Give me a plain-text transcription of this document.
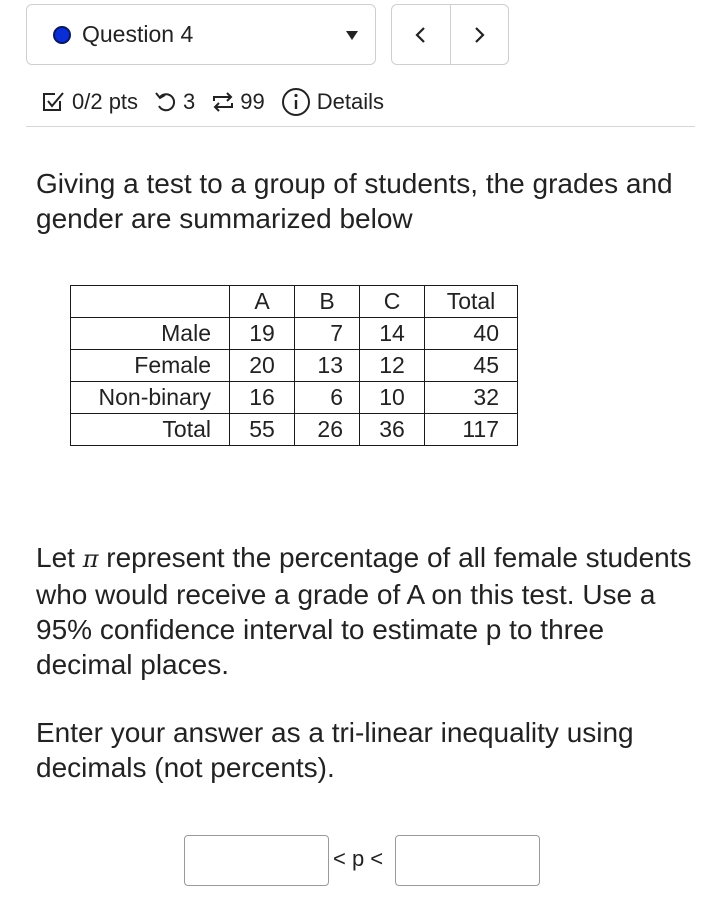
Question 4
0/2 pts 3 99 Details

Giving a test to a group of students, the grades and gender are summarized below

	A	B	C	Total
Male	19	7	14	40
Female	20	13	12	45
Non-binary	16	6	10	32
Total	55	26	36	117

Let π represent the percentage of all female students who would receive a grade of A on this test. Use a 95% confidence interval to estimate p to three decimal places.

Enter your answer as a tri-linear inequality using decimals (not percents).

< p <
